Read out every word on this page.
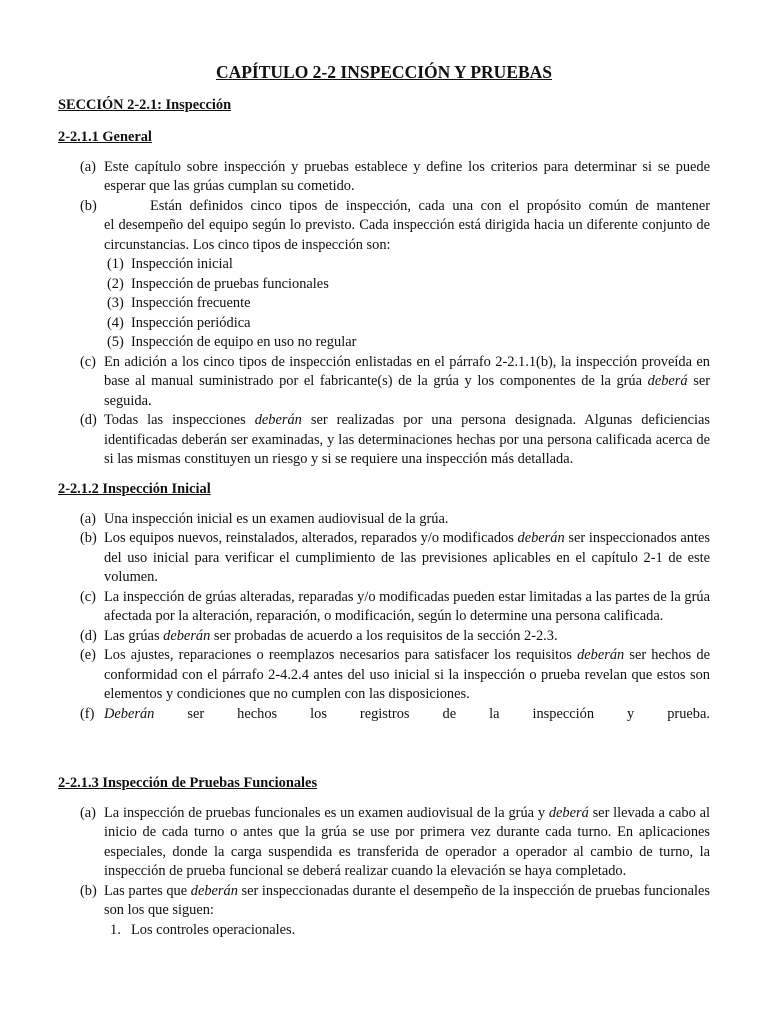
CAPÍTULO 2-2 INSPECCIÓN Y PRUEBAS

SECCIÓN 2-2.1: Inspección

2-2.1.1 General

(a) Este capítulo sobre inspección y pruebas establece y define los criterios para determinar si se puede esperar que las grúas cumplan su cometido.
(b)	Están definidos cinco tipos de inspección, cada una con el propósito común de mantener
el desempeño del equipo según lo previsto. Cada inspección está dirigida hacia un diferente conjunto de circunstancias. Los cinco tipos de inspección son:
(1) Inspección inicial
(2) Inspección de pruebas funcionales
(3) Inspección frecuente
(4) Inspección periódica
(5) Inspección de equipo en uso no regular
(c) En adición a los cinco tipos de inspección enlistadas en el párrafo 2-2.1.1(b), la inspección proveída en base al manual suministrado por el fabricante(s) de la grúa y los componentes de la grúa deberá ser seguida.
(d) Todas las inspecciones deberán ser realizadas por una persona designada. Algunas deficiencias identificadas deberán ser examinadas, y las determinaciones hechas por una persona calificada acerca de si las mismas constituyen un riesgo y si se requiere una inspección más detallada.

2-2.1.2 Inspección Inicial

(a) Una inspección inicial es un examen audiovisual de la grúa.
(b) Los equipos nuevos, reinstalados, alterados, reparados y/o modificados deberán ser inspeccionados antes del uso inicial para verificar el cumplimiento de las previsiones aplicables en el capítulo 2-1 de este volumen.
(c) La inspección de grúas alteradas, reparadas y/o modificadas pueden estar limitadas a las partes de la grúa afectada por la alteración, reparación, o modificación, según lo determine una persona calificada.
(d) Las grúas deberán ser probadas de acuerdo a los requisitos de la sección 2-2.3.
(e) Los ajustes, reparaciones o reemplazos necesarios para satisfacer los requisitos deberán ser hechos de conformidad con el párrafo 2-4.2.4 antes del uso inicial si la inspección o prueba revelan que estos son elementos y condiciones que no cumplen con las disposiciones.
(f) Deberán ser hechos los registros de la inspección y prueba.

2-2.1.3 Inspección de Pruebas Funcionales

(a) La inspección de pruebas funcionales es un examen audiovisual de la grúa y deberá ser llevada a cabo al inicio de cada turno o antes que la grúa se use por primera vez durante cada turno. En aplicaciones especiales, donde la carga suspendida es transferida de operador a operador al cambio de turno, la inspección de prueba funcional se deberá realizar cuando la elevación se haya completado.
(b) Las partes que deberán ser inspeccionadas durante el desempeño de la inspección de pruebas funcionales son los que siguen:
1. Los controles operacionales.
